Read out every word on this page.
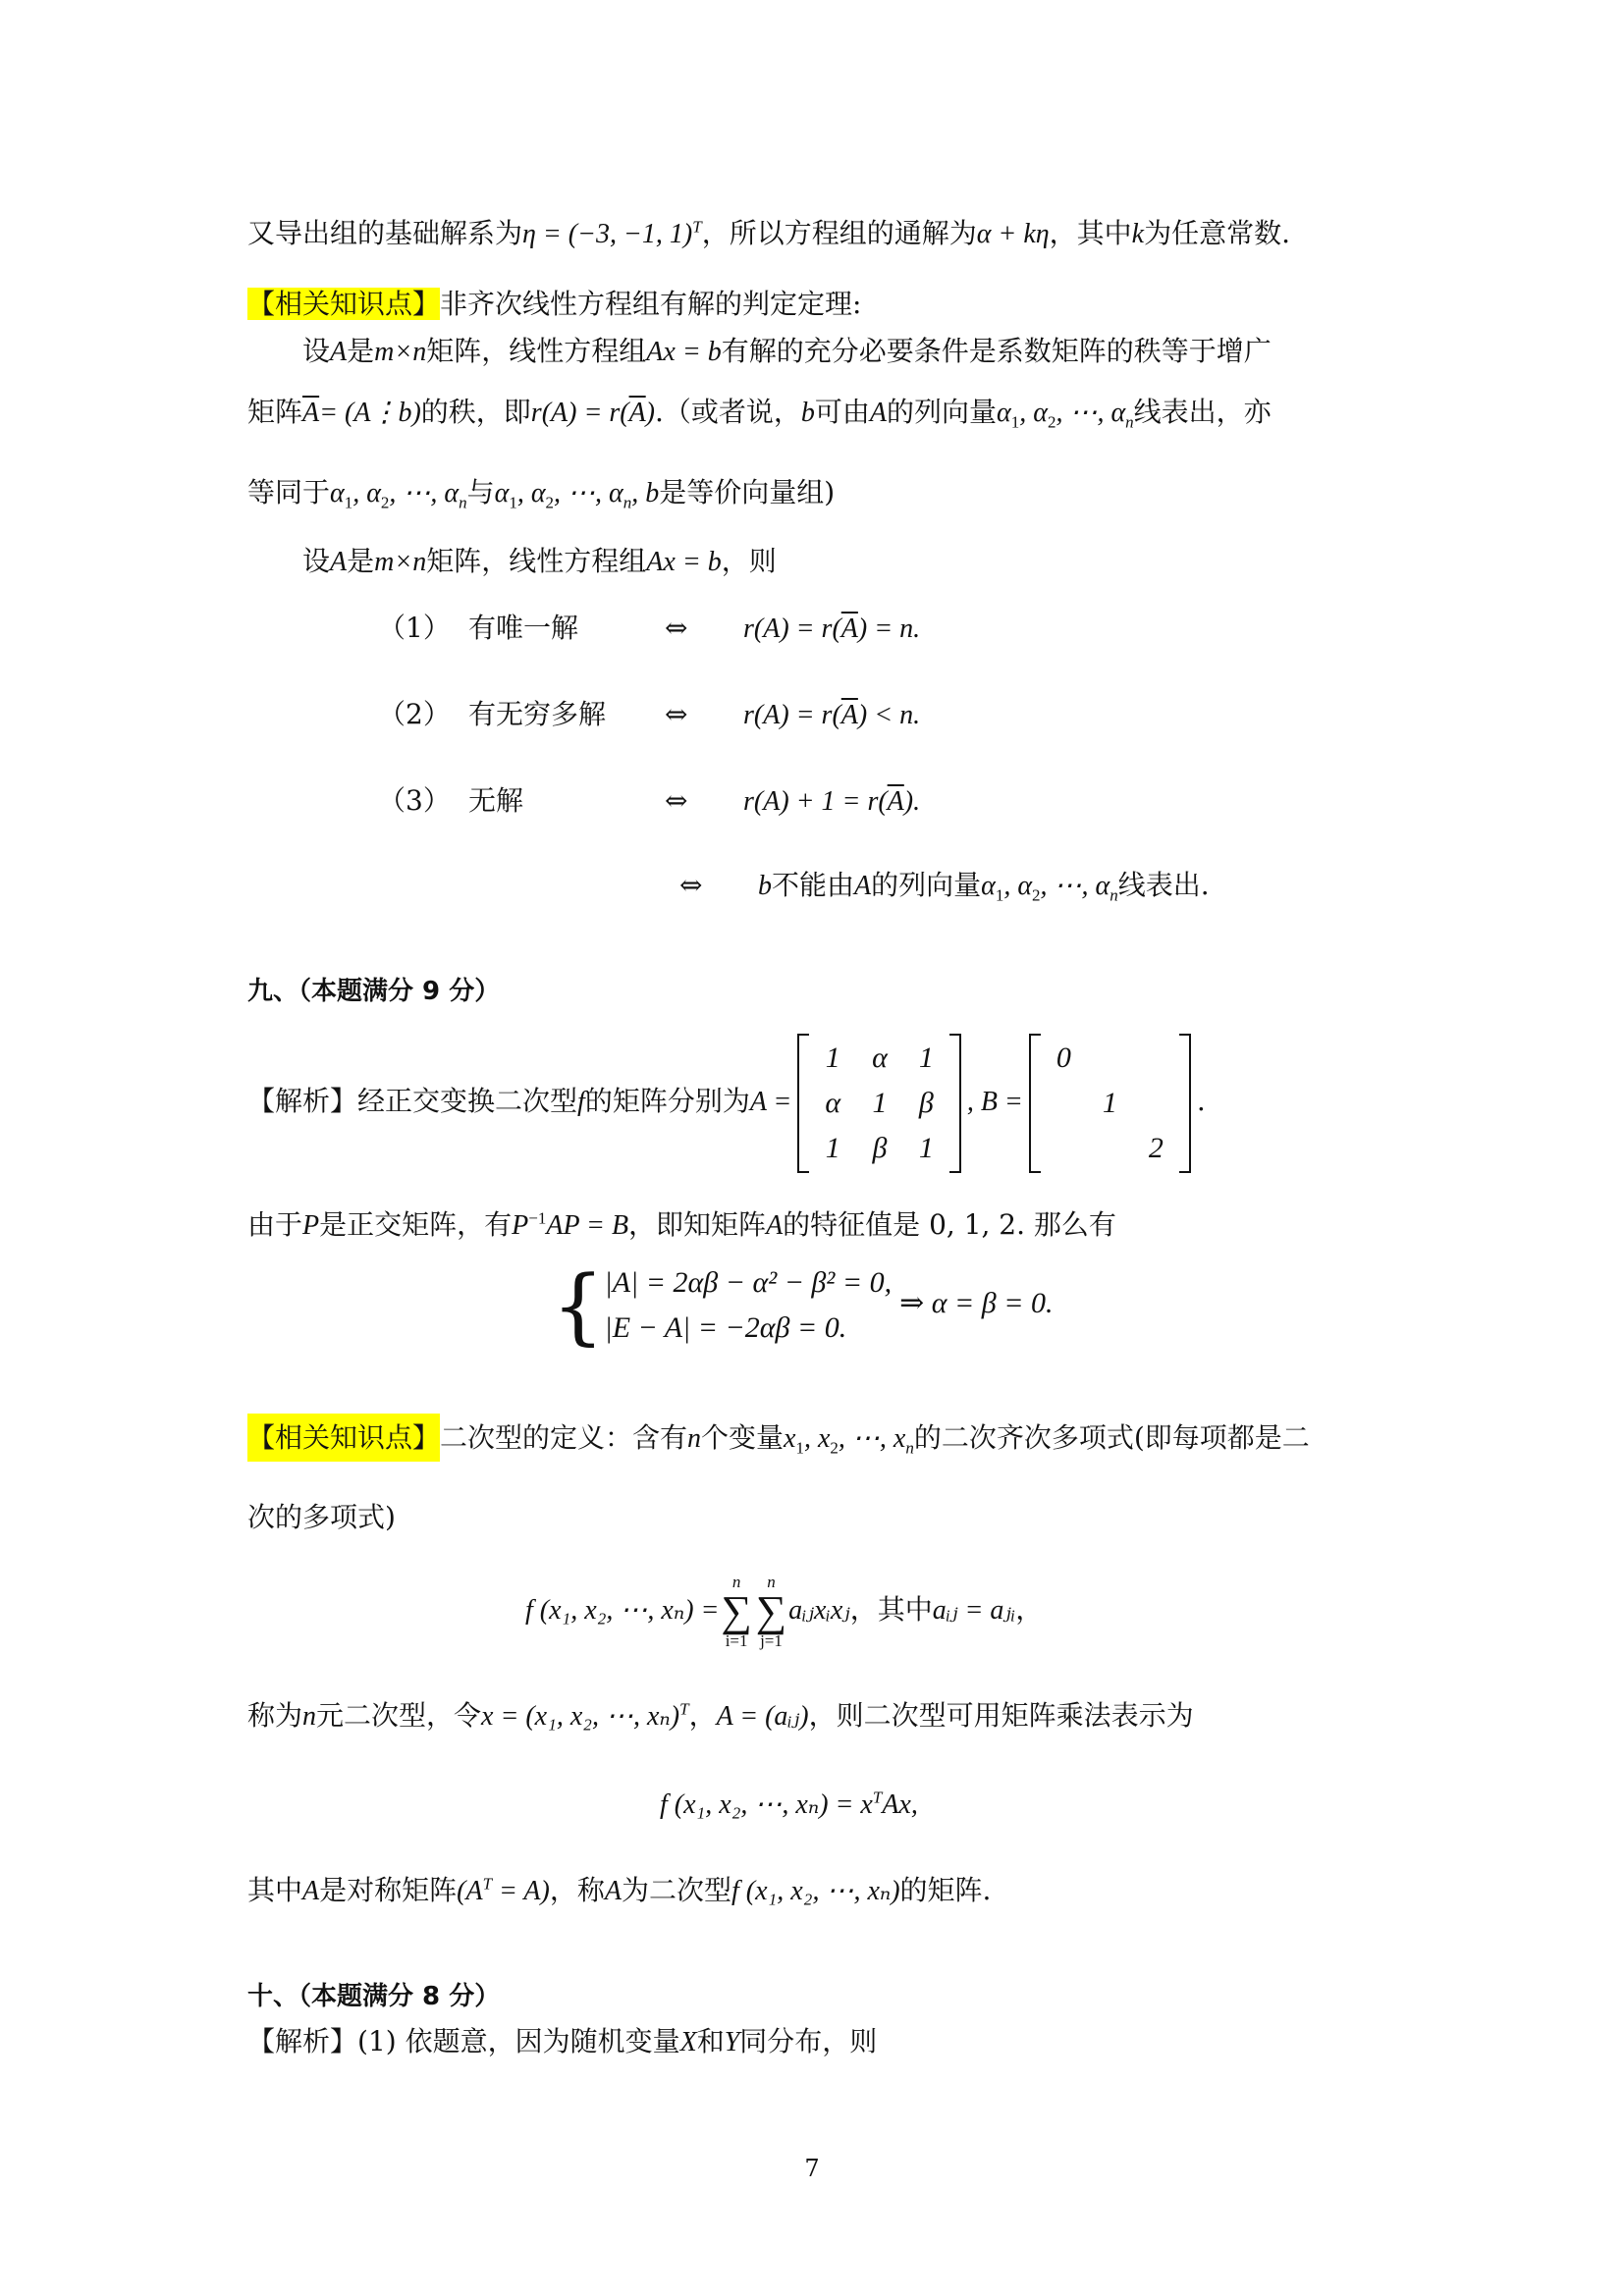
又导出组的基础解系为η = (−3, −1, 1)$^T$，所以方程组的通解为α + kη，其中k为任意常数.
【相关知识点】非齐次线性方程组有解的判定定理:
设A是m×n矩阵，线性方程组Ax = b有解的充分必要条件是系数矩阵的秩等于增广
矩阵$\overline{A}=$ (A⋮b)的秩，即$r(A) = r(\overline{A})$.（或者说，b可由A的列向量$\alpha_1$, $\alpha_2$, ⋯, $\alpha_n$线表出，亦
等同于$\alpha_1$, $\alpha_2$, ⋯, $\alpha_n$与$\alpha_1$, $\alpha_2$, ⋯, $\alpha_n$, b是等价向量组)
设A是m×n矩阵，线性方程组Ax = b，则
（1） 有唯一解	⇔ $r(A) = r(\overline{A}) = n$.
（2） 有无穷多解 ⇔ $r(A) = r(\overline{A}) < n$.
（3） 无解	⇔ $r(A) + 1 = r(\overline{A})$.
⇔ b不能由A的列向量$\alpha_1$, $\alpha_2$, ⋯, $\alpha_n$线表出.
九、（本题满分 9 分）
【解析】经正交变换二次型f的矩阵分别为A =
1	α	1
α	1	β
1	β	1
, B =
0		
	1	
		2
.
由于P是正交矩阵，有$P^{-1}AP = B$，即知矩阵A的特征值是 0, 1, 2. 那么有
{ |A| = 2αβ − α² − β² = 0,
|E − A| = −2αβ = 0.
⇒ α = β = 0.
【相关知识点】二次型的定义：含有n个变量$x_1$, $x_2$, ⋯, $x_n$的二次齐次多项式(即每项都是二
次的多项式)
f (x₁, x₂, ⋯, xₙ) =
n
∑
i=1
n
∑
j=1
aᵢⱼxᵢxⱼ，其中aᵢⱼ = aⱼᵢ，
称为n元二次型，令x = (x₁, x₂, ⋯, xₙ)$^T$，A = (aᵢⱼ)，则二次型可用矩阵乘法表示为
f (x₁, x₂, ⋯, $x_n) = x^TAx$,
其中A是对称矩阵$(A^T = A)$，称A为二次型f (x₁, x₂, ⋯, xₙ)的矩阵.
十、（本题满分 8 分）
【解析】(1) 依题意，因为随机变量X和Y同分布，则
7
